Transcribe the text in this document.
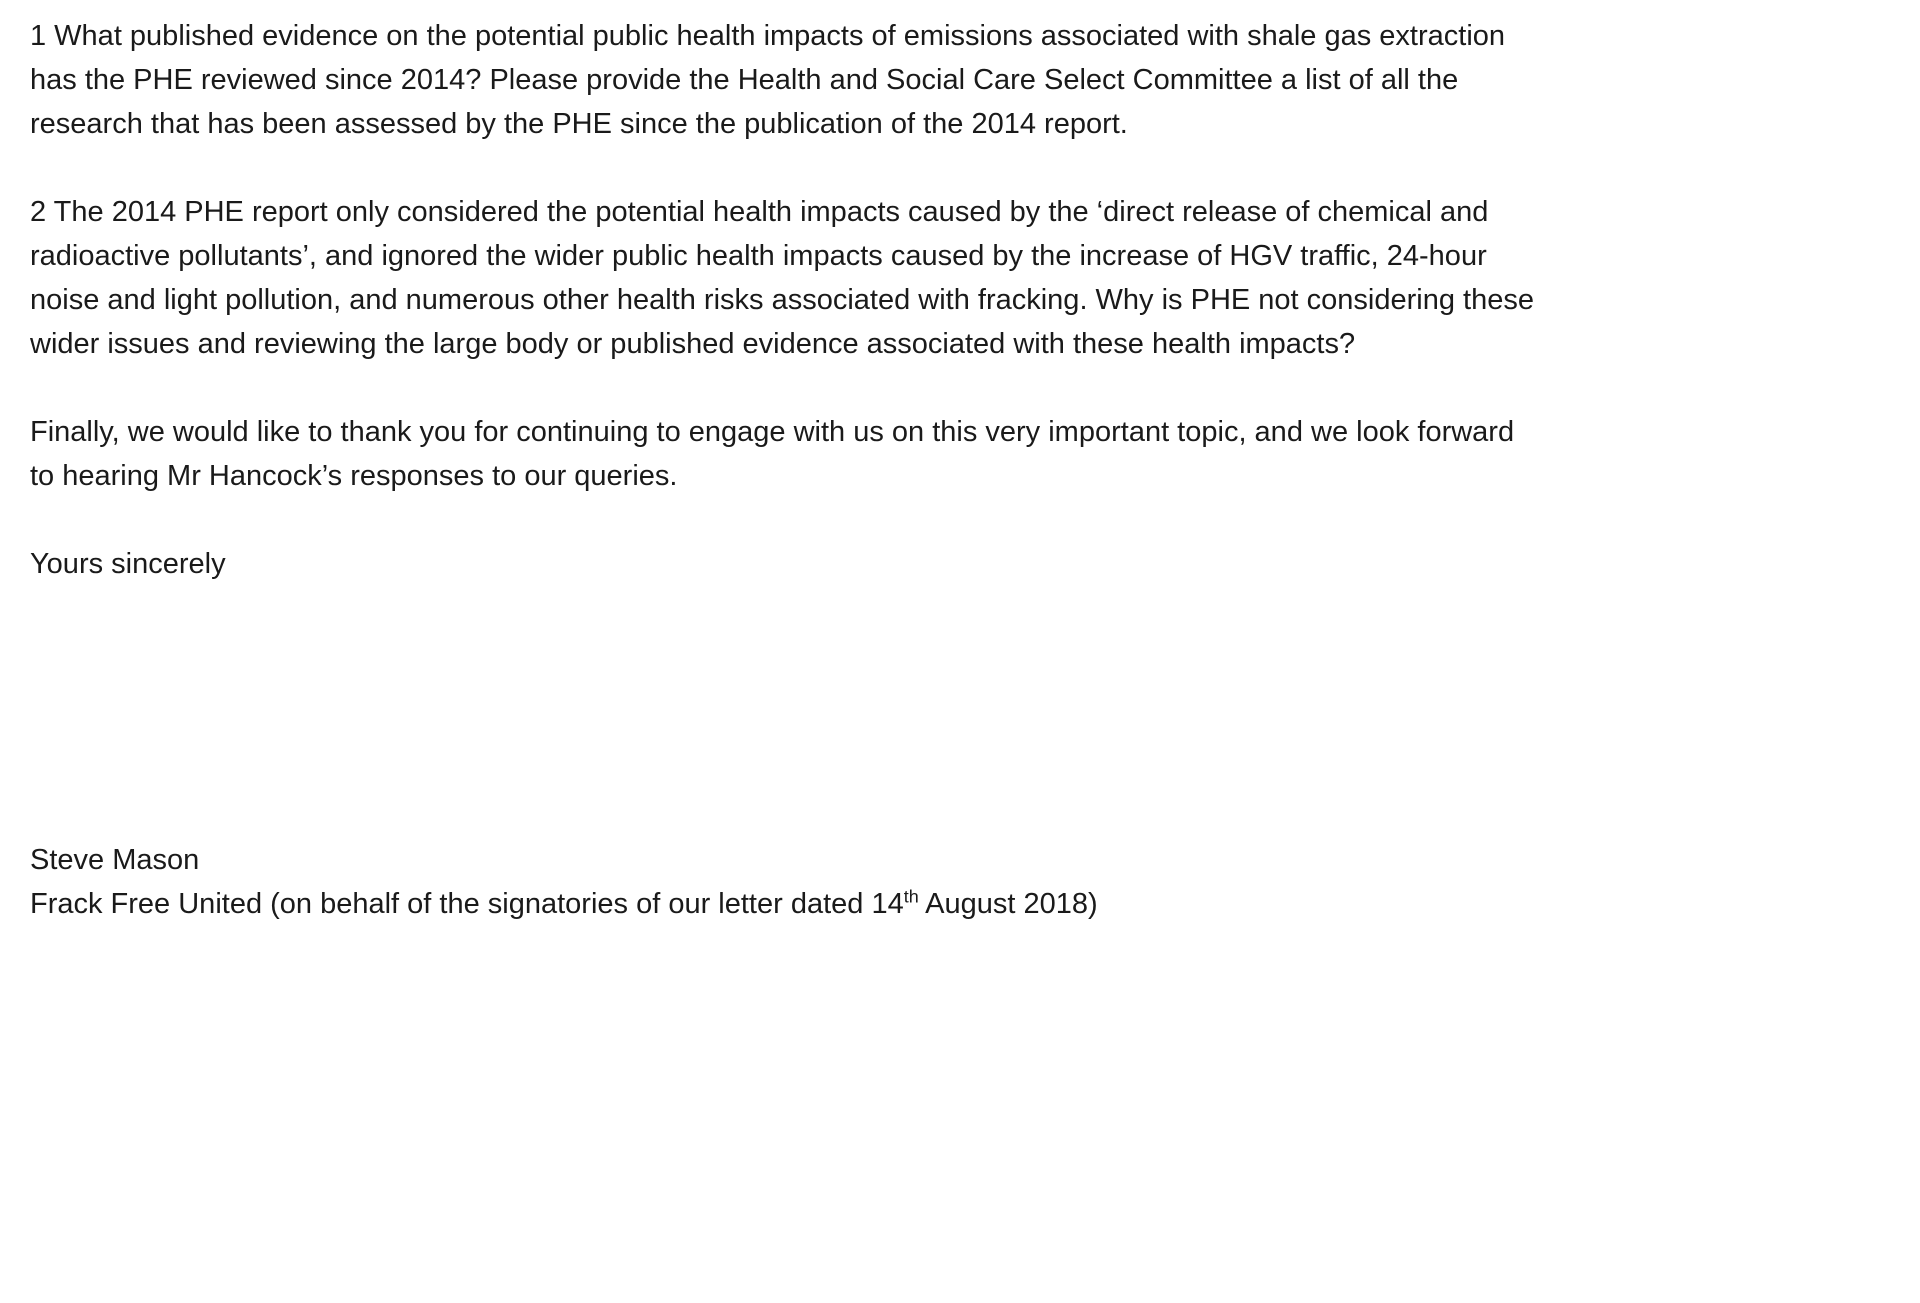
1 What published evidence on the potential public health impacts of emissions associated with shale gas extraction has the PHE reviewed since 2014? Please provide the Health and Social Care Select Committee a list of all the research that has been assessed by the PHE since the publication of the 2014 report.

2 The 2014 PHE report only considered the potential health impacts caused by the ‘direct release of chemical and radioactive pollutants’, and ignored the wider public health impacts caused by the increase of HGV traffic, 24-hour noise and light pollution, and numerous other health risks associated with fracking. Why is PHE not considering these wider issues and reviewing the large body or published evidence associated with these health impacts?

Finally, we would like to thank you for continuing to engage with us on this very important topic, and we look forward to hearing Mr Hancock’s responses to our queries.

Yours sincerely

Steve Mason

Frack Free United (on behalf of the signatories of our letter dated 14th August 2018)
